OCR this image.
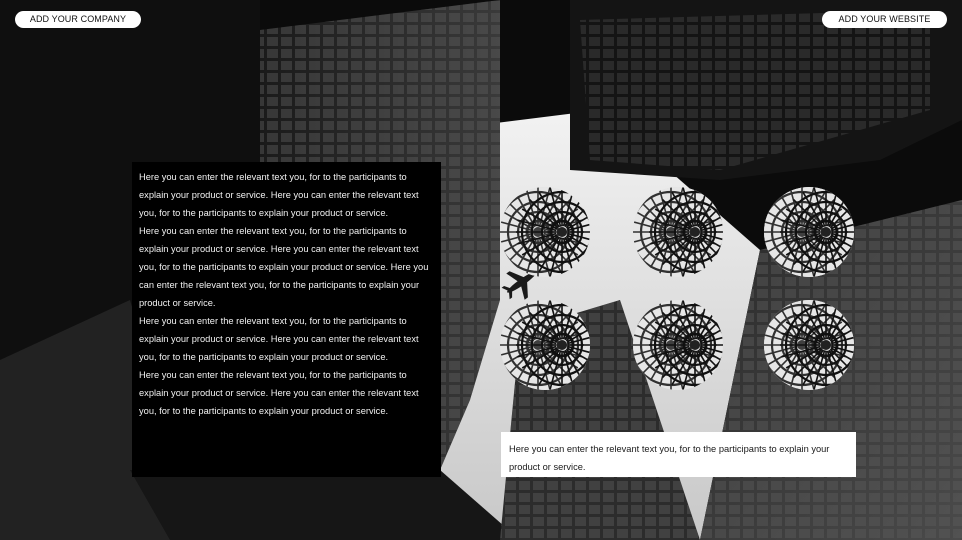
ADD YOUR COMPANY	ADD YOUR WEBSITE

Here you can enter the relevant text you, for to the participants to explain your product or service. Here you can enter the relevant text you, for to the participants to explain your product or service.

Here you can enter the relevant text you, for to the participants to explain your product or service. Here you can enter the relevant text you, for to the participants to explain your product or service. Here you can enter the relevant text you, for to the participants to explain your product or service.

Here you can enter the relevant text you, for to the participants to explain your product or service. Here you can enter the relevant text you, for to the participants to explain your product or service.

Here you can enter the relevant text you, for to the participants to explain your product or service. Here you can enter the relevant text you, for to the participants to explain your product or service.

Here you can enter the relevant text you, for to the participants to explain your product or service.
